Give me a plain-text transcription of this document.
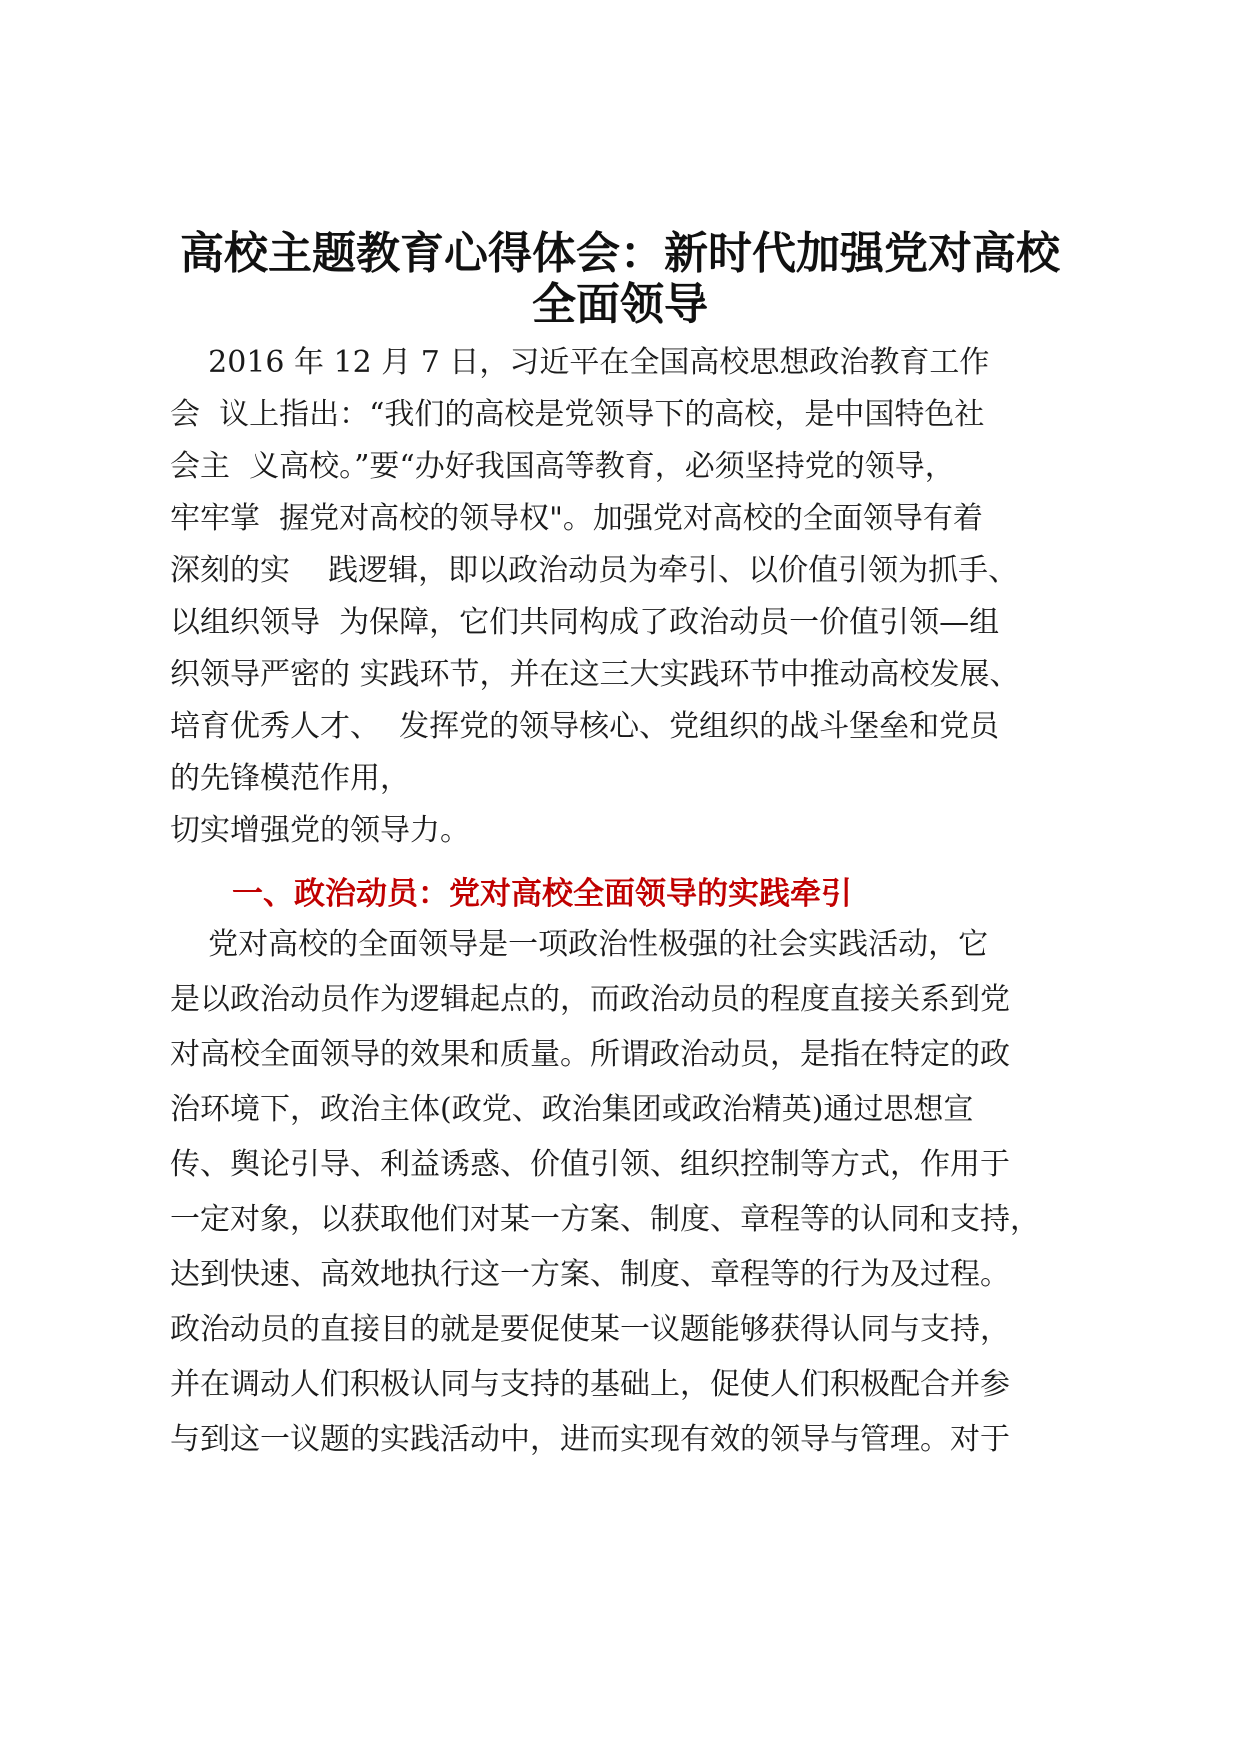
高校主题教育心得体会：新时代加强党对高校
全面领导

2016 年 12 月 7 日，习近平在全国高校思想政治教育工作

会  议上指出：“我们的高校是党领导下的高校，是中国特色社

会主  义高校。”要“办好我国高等教育，必须坚持党的领导，

牢牢掌  握党对高校的领导权"。加强党对高校的全面领导有着

深刻的实    践逻辑，即以政治动员为牵引、以价值引领为抓手、

以组织领导  为保障，它们共同构成了政治动员一价值引领—组

织领导严密的 实践环节，并在这三大实践环节中推动高校发展、

培育优秀人才、  发挥党的领导核心、党组织的战斗堡垒和党员

的先锋模范作用，

切实增强党的领导力。

一、政治动员：党对高校全面领导的实践牵引

党对高校的全面领导是一项政治性极强的社会实践活动，它

是以政治动员作为逻辑起点的，而政治动员的程度直接关系到党

对高校全面领导的效果和质量。所谓政治动员，是指在特定的政

治环境下，政治主体(政党、政治集团或政治精英)通过思想宣

传、舆论引导、利益诱惑、价值引领、组织控制等方式，作用于

一定对象，以获取他们对某一方案、制度、章程等的认同和支持，

达到快速、高效地执行这一方案、制度、章程等的行为及过程。

政治动员的直接目的就是要促使某一议题能够获得认同与支持，

并在调动人们积极认同与支持的基础上，促使人们积极配合并参

与到这一议题的实践活动中，进而实现有效的领导与管理。对于
